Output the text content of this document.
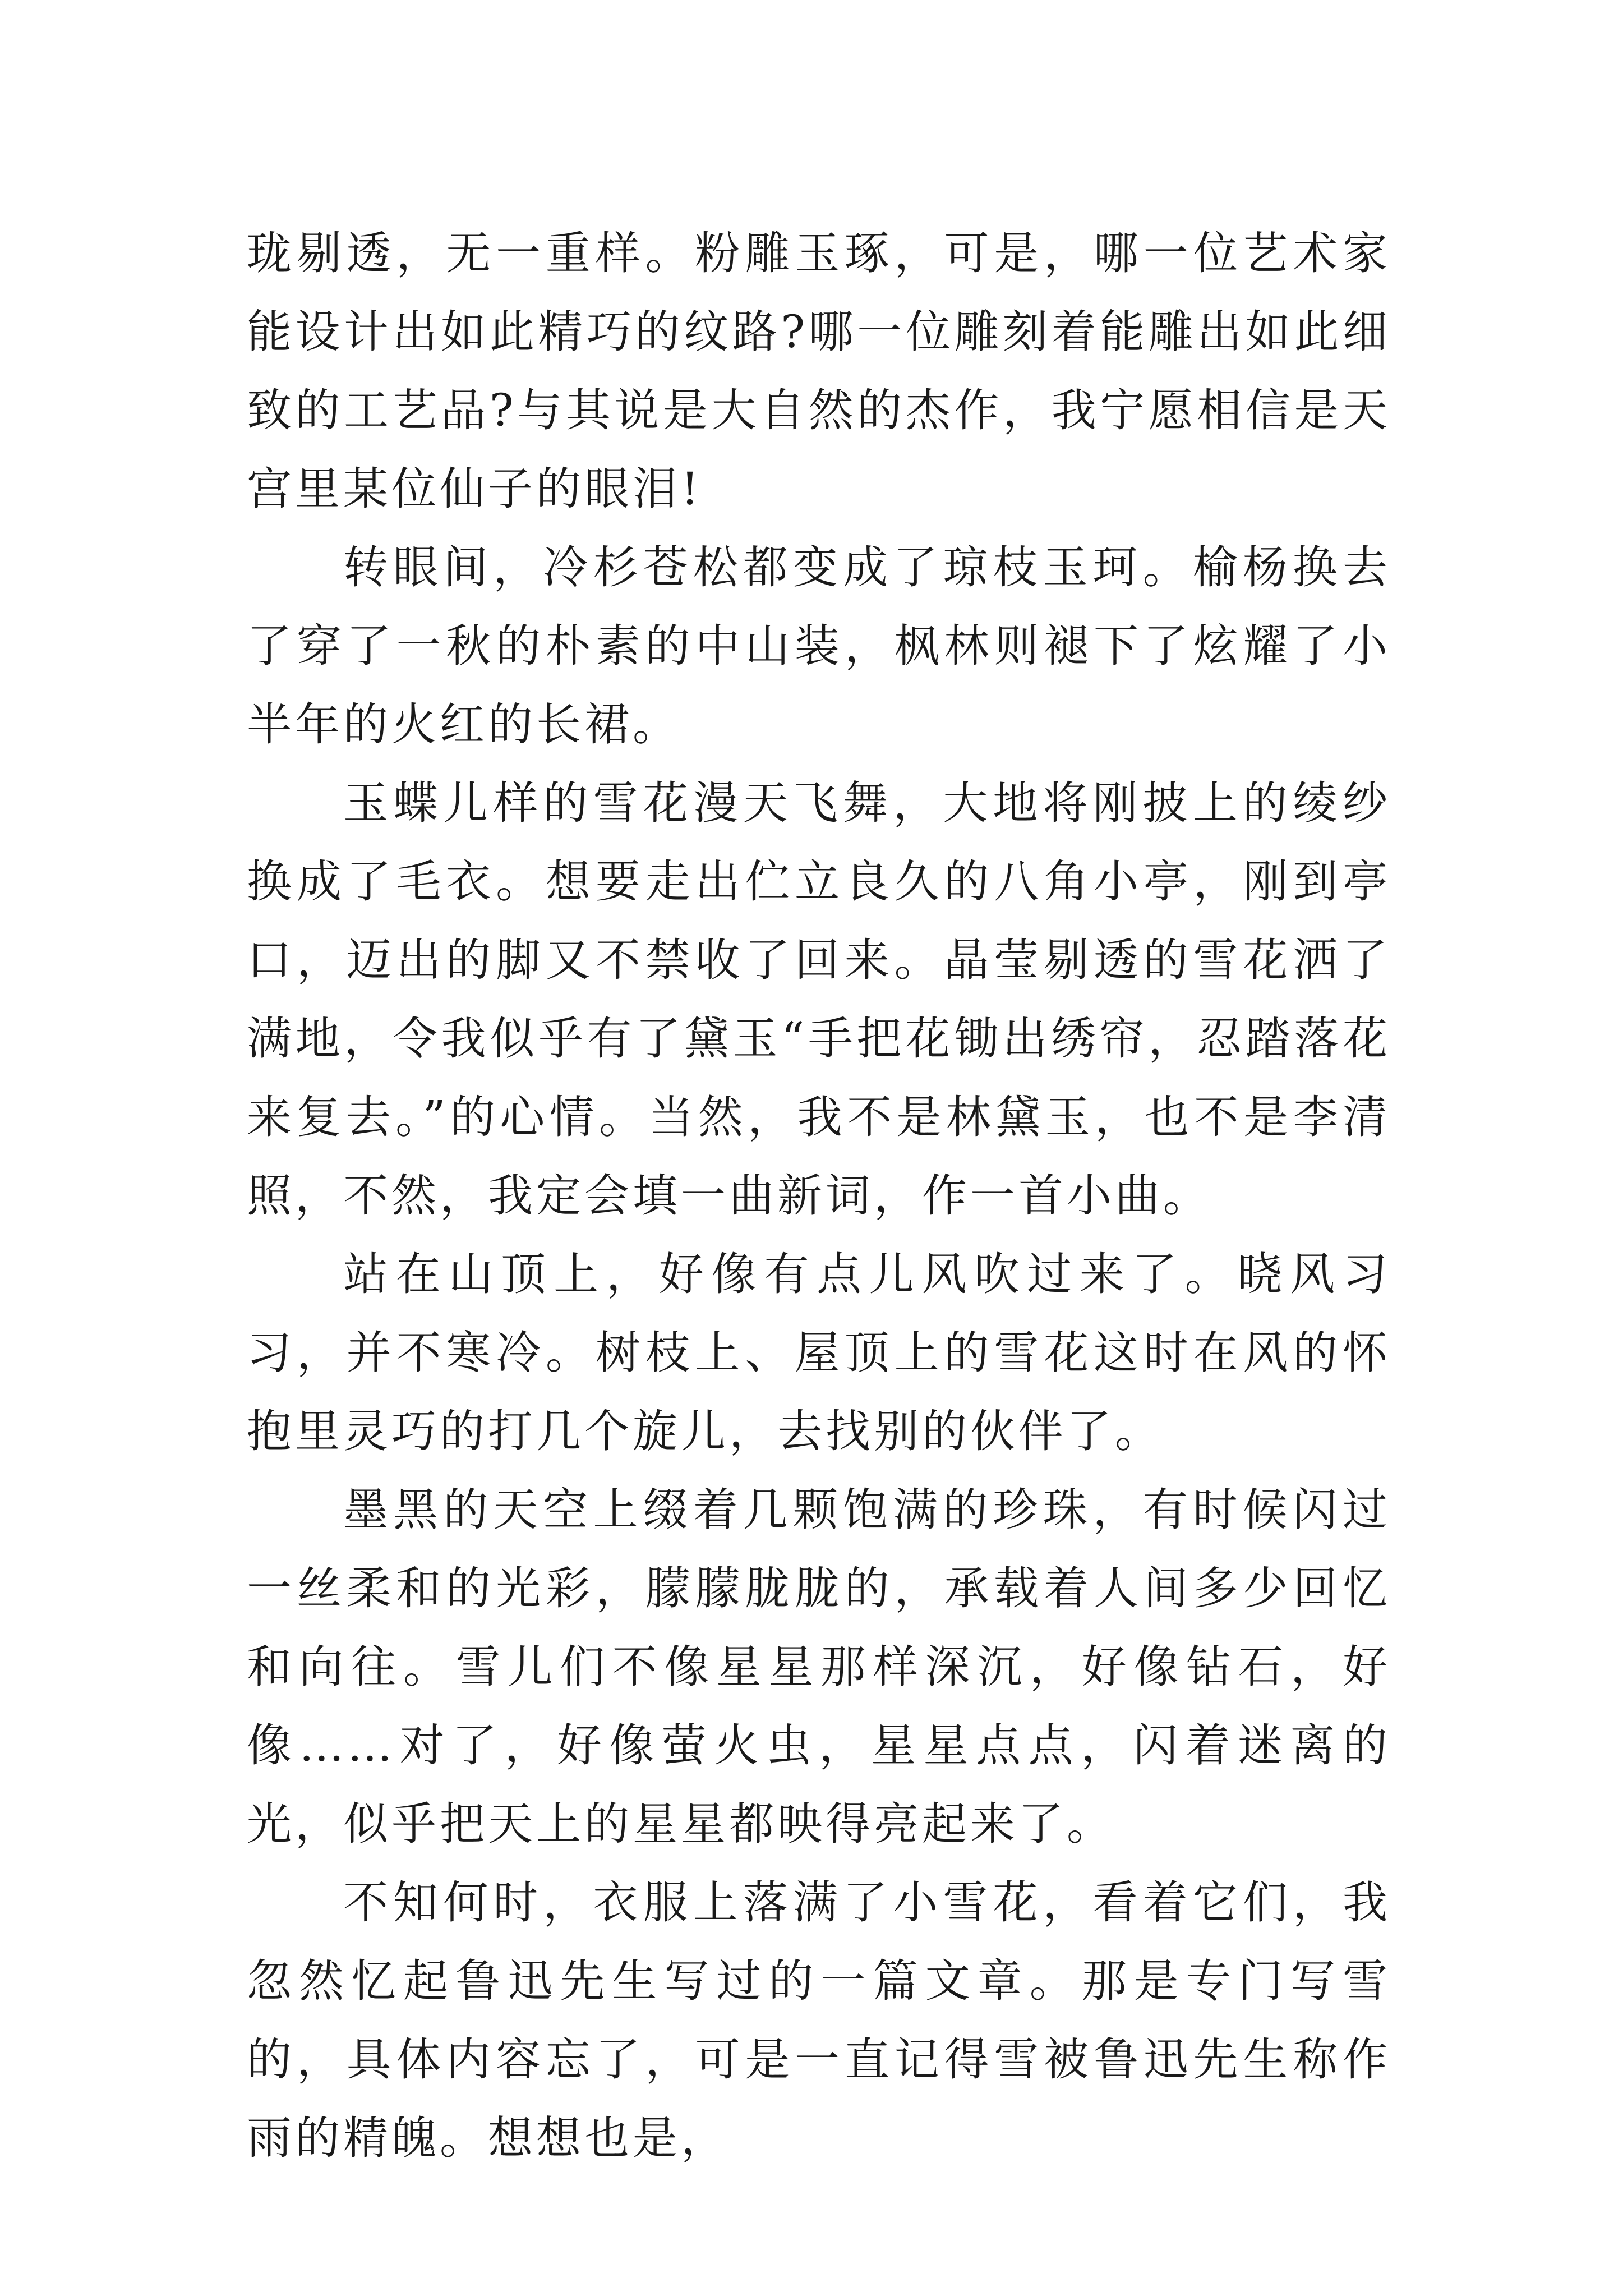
珑剔透，无一重样。粉雕玉琢，可是，哪一位艺术家能设计出如此精巧的纹路?哪一位雕刻着能雕出如此细致的工艺品?与其说是大自然的杰作，我宁愿相信是天宫里某位仙子的眼泪!

转眼间，冷杉苍松都变成了琼枝玉珂。榆杨换去了穿了一秋的朴素的中山装，枫林则褪下了炫耀了小半年的火红的长裙。

玉蝶儿样的雪花漫天飞舞，大地将刚披上的绫纱换成了毛衣。想要走出伫立良久的八角小亭，刚到亭口，迈出的脚又不禁收了回来。晶莹剔透的雪花洒了满地，令我似乎有了黛玉“手把花锄出绣帘，忍踏落花来复去。”的心情。当然，我不是林黛玉，也不是李清照，不然，我定会填一曲新词，作一首小曲。

站在山顶上，好像有点儿风吹过来了。晓风习习，并不寒冷。树枝上、屋顶上的雪花这时在风的怀抱里灵巧的打几个旋儿，去找别的伙伴了。

墨黑的天空上缀着几颗饱满的珍珠，有时候闪过一丝柔和的光彩，朦朦胧胧的，承载着人间多少回忆和向往。雪儿们不像星星那样深沉，好像钻石，好像……对了，好像萤火虫，星星点点，闪着迷离的光，似乎把天上的星星都映得亮起来了。

不知何时，衣服上落满了小雪花，看着它们，我忽然忆起鲁迅先生写过的一篇文章。那是专门写雪的，具体内容忘了，可是一直记得雪被鲁迅先生称作雨的精魄。想想也是，
